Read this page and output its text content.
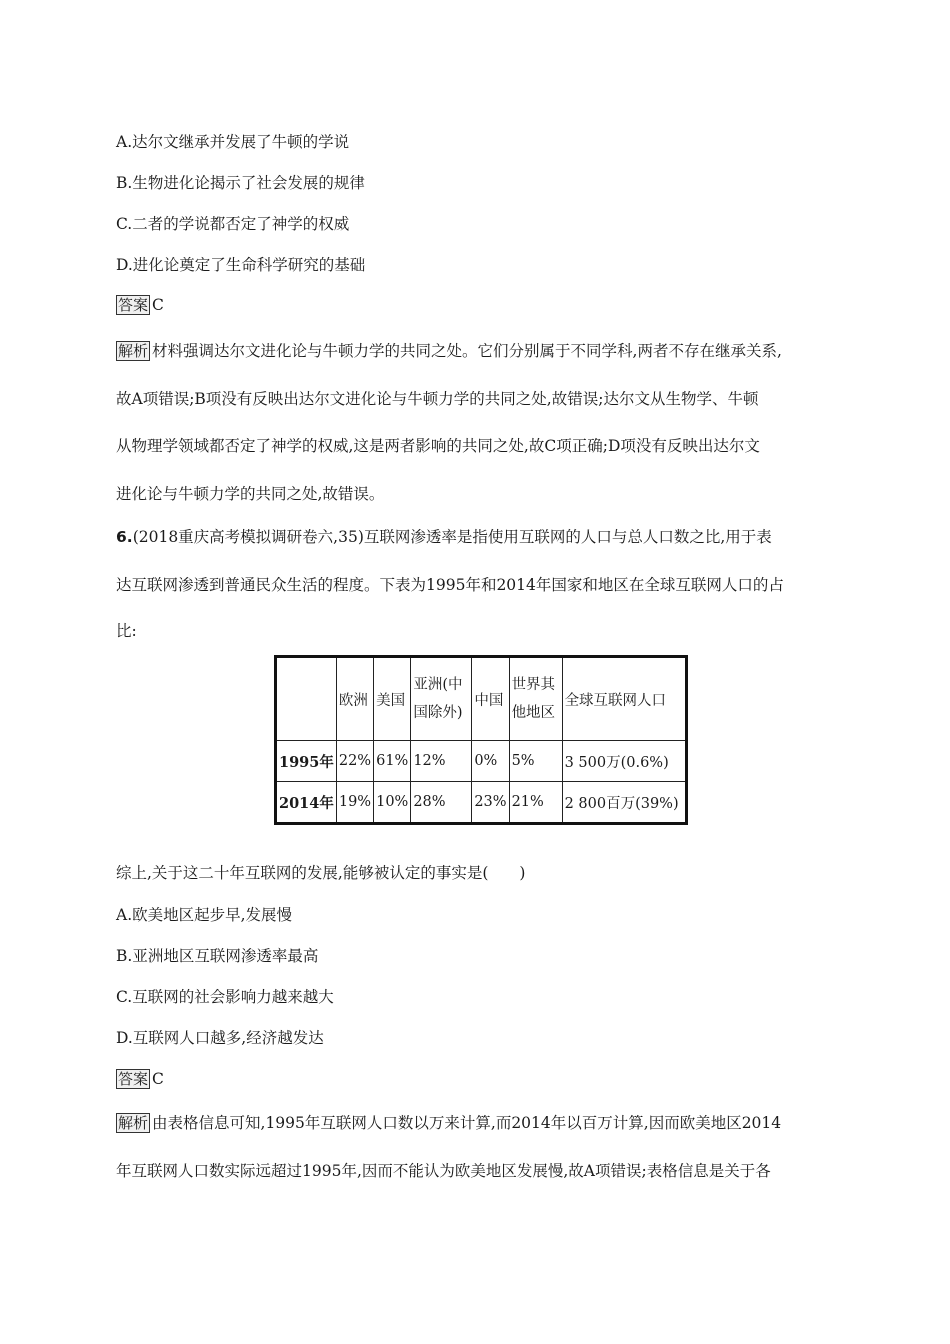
A.达尔文继承并发展了牛顿的学说
B.生物进化论揭示了社会发展的规律
C.二者的学说都否定了神学的权威
D.进化论奠定了生命科学研究的基础
答案 C
解析 材料强调达尔文进化论与牛顿力学的共同之处。它们分别属于不同学科,两者不存在继承关系,
故A项错误;B项没有反映出达尔文进化论与牛顿力学的共同之处,故错误;达尔文从生物学、牛顿
从物理学领域都否定了神学的权威,这是两者影响的共同之处,故C项正确;D项没有反映出达尔文
进化论与牛顿力学的共同之处,故错误。
6.(2018重庆高考模拟调研卷六,35)互联网渗透率是指使用互联网的人口与总人口数之比,用于表
达互联网渗透到普通民众生活的程度。下表为1995年和2014年国家和地区在全球互联网人口的占
比:
	欧洲	美国	亚洲(中国除外)	中国	世界其他地区	全球互联网人口
1995年	22%	61%	12%	0%	5%	3 500万(0.6%)
2014年	19%	10%	28%	23%	21%	2 800百万(39%)
综上,关于这二十年互联网的发展,能够被认定的事实是(　　)
A.欧美地区起步早,发展慢
B.亚洲地区互联网渗透率最高
C.互联网的社会影响力越来越大
D.互联网人口越多,经济越发达
答案 C
解析 由表格信息可知,1995年互联网人口数以万来计算,而2014年以百万计算,因而欧美地区2014
年互联网人口数实际远超过1995年,因而不能认为欧美地区发展慢,故A项错误;表格信息是关于各
